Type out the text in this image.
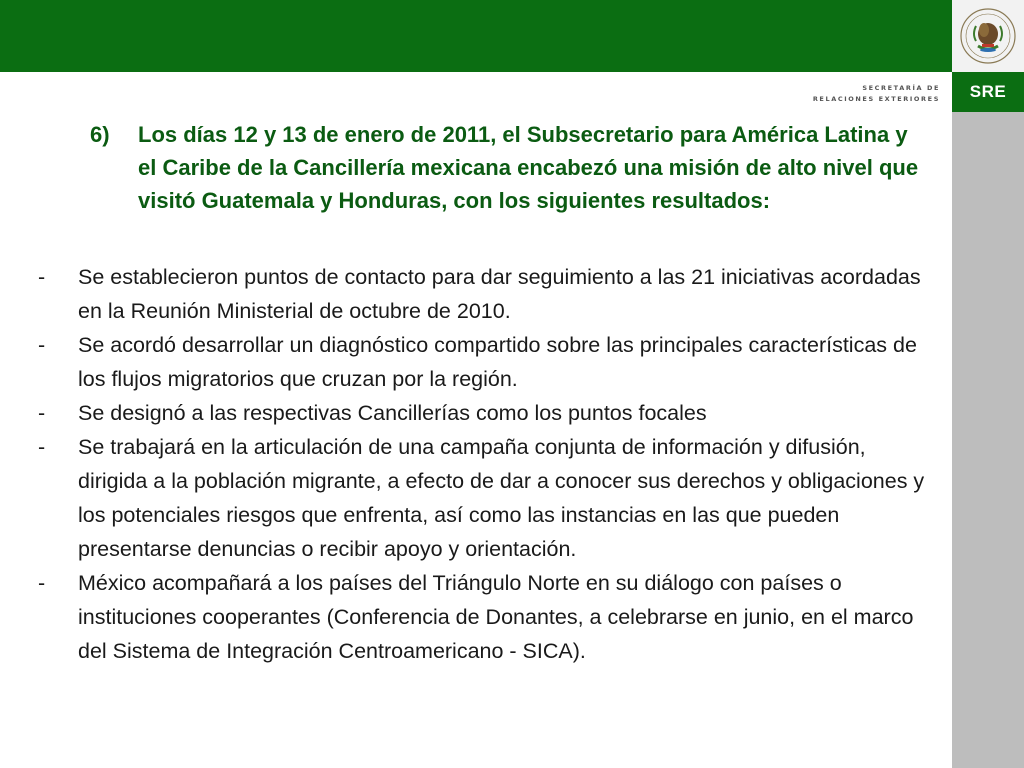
SRE
SECRETARÍA DE
RELACIONES EXTERIORES
6) Los días 12 y 13 de enero de 2011, el Subsecretario para América Latina y el Caribe de la Cancillería mexicana encabezó una misión de alto nivel que visitó Guatemala y Honduras, con los siguientes resultados:
- Se establecieron puntos de contacto para dar seguimiento a las 21 iniciativas acordadas en la Reunión Ministerial de octubre de 2010.
- Se acordó desarrollar un diagnóstico compartido sobre las principales características de los flujos migratorios que cruzan por la región.
- Se designó a las respectivas Cancillerías como los puntos focales
- Se trabajará en la articulación de una campaña conjunta de información y difusión, dirigida a la población migrante, a efecto de dar a conocer sus derechos y obligaciones y los potenciales riesgos que enfrenta, así como las instancias en las que pueden presentarse denuncias o recibir apoyo y orientación.
- México acompañará a los países del Triángulo Norte en su diálogo con países o instituciones cooperantes (Conferencia de Donantes, a celebrarse en junio, en el marco del Sistema de Integración Centroamericano - SICA).
